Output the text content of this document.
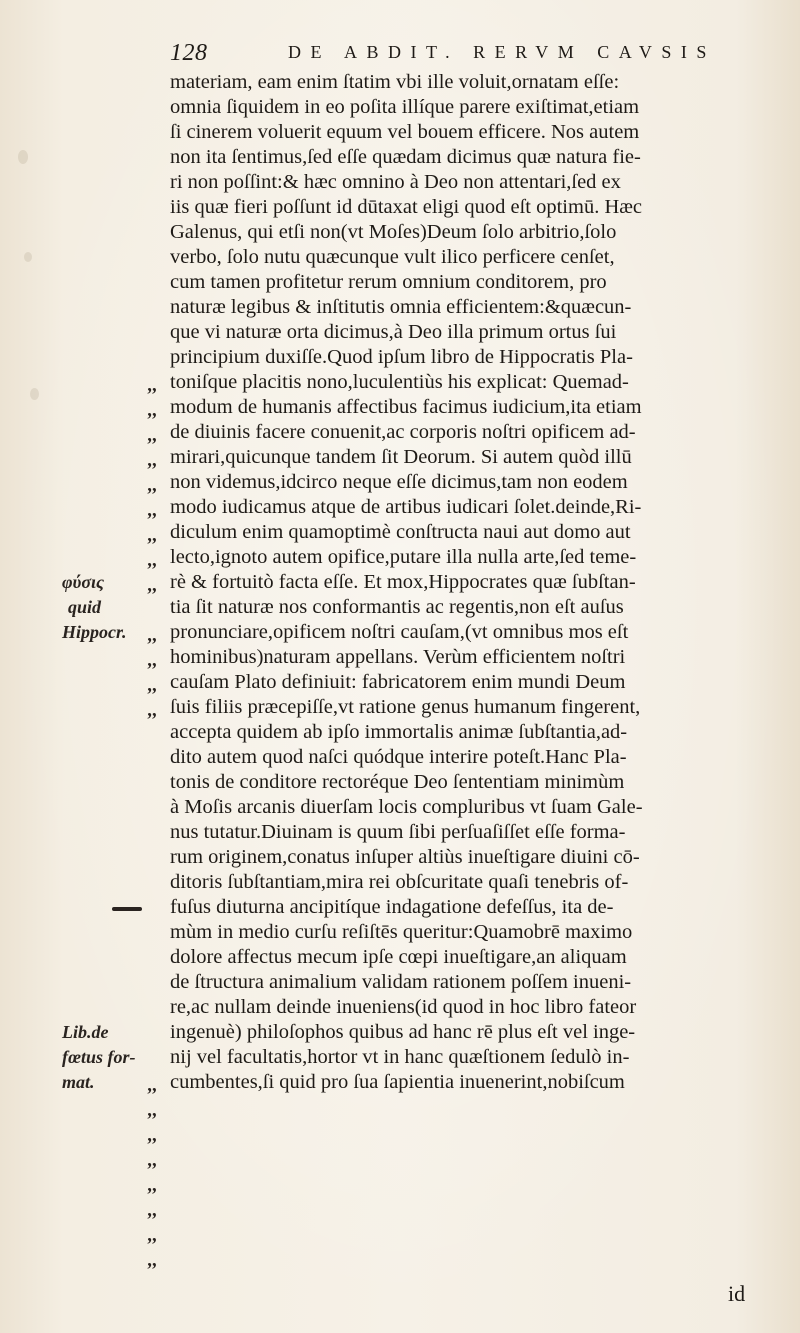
128	DE ABDIT. RERVM CAVSIS
materiam, eam enim ſtatim vbi ille voluit,ornatam eſſe:
omnia ſiquidem in eo poſita illíque parere exiſtimat,etiam
ſi cinerem voluerit equum vel bouem efficere. Nos autem
non ita ſentimus,ſed eſſe quædam dicimus quæ natura fie-
ri non poſſint:& hæc omnino à Deo non attentari,ſed ex
iis quæ fieri poſſunt id dūtaxat eligi quod eſt optimū. Hæc
Galenus, qui etſi non(vt Moſes)Deum ſolo arbitrio,ſolo
verbo, ſolo nutu quæcunque vult ilico perficere cenſet,
cum tamen profitetur rerum omnium conditorem, pro
naturæ legibus & inſtitutis omnia efficientem:&quæcun-
que vi naturæ orta dicimus,à Deo illa primum ortus ſui
principium duxiſſe.Quod ipſum libro de Hippocratis Pla-
toniſque placitis nono,luculentiùs his explicat: Quemad-
modum de humanis affectibus facimus iudicium,ita etiam
de diuinis facere conuenit,ac corporis noſtri opificem ad-
mirari,quicunque tandem ſit Deorum. Si autem quòd illū
non videmus,idcirco neque eſſe dicimus,tam non eodem
modo iudicamus atque de artibus iudicari ſolet.deinde,Ri-
diculum enim quamoptimè conſtructa naui aut domo aut
lecto,ignoto autem opifice,putare illa nulla arte,ſed teme-
rè & fortuitò facta eſſe. Et mox,Hippocrates quæ ſubſtan-
tia ſit naturæ nos conformantis ac regentis,non eſt auſus
pronunciare,opificem noſtri cauſam,(vt omnibus mos eſt
hominibus)naturam appellans. Verùm efficientem noſtri
cauſam Plato definiuit: fabricatorem enim mundi Deum
ſuis filiis præcepiſſe,vt ratione genus humanum fingerent,
accepta quidem ab ipſo immortalis animæ ſubſtantia,ad-
dito autem quod naſci quódque interire poteſt.Hanc Pla-
tonis de conditore rectoréque Deo ſententiam minimùm
à Moſis arcanis diuerſam locis compluribus vt ſuam Gale-
nus tutatur.Diuinam is quum ſibi perſuaſiſſet eſſe forma-
rum originem,conatus inſuper altiùs inueſtigare diuini cō-
ditoris ſubſtantiam,mira rei obſcuritate quaſi tenebris of-
fuſus diuturna ancipitíque indagatione defeſſus, ita de-
mùm in medio curſu reſiſtēs queritur:Quamobrē maximo
dolore affectus mecum ipſe cœpi inueſtigare,an aliquam
de ſtructura animalium validam rationem poſſem inueni-
re,ac nullam deinde inueniens(id quod in hoc libro fateor
ingenuè) philoſophos quibus ad hanc rē plus eſt vel inge-
nij vel facultatis,hortor vt in hanc quæſtionem ſedulò in-
cumbentes,ſi quid pro ſua ſapientia inuenerint,nobiſcum
,,
,,
,,
,,
,,
,,
,,
,,
,,
,,
,,
,,
,,
,,
,,
,,
,,
,,
,,
,,
,,
φύσις
quid
Hippocr.
Lib.de
fœtus for-
mat.
id
